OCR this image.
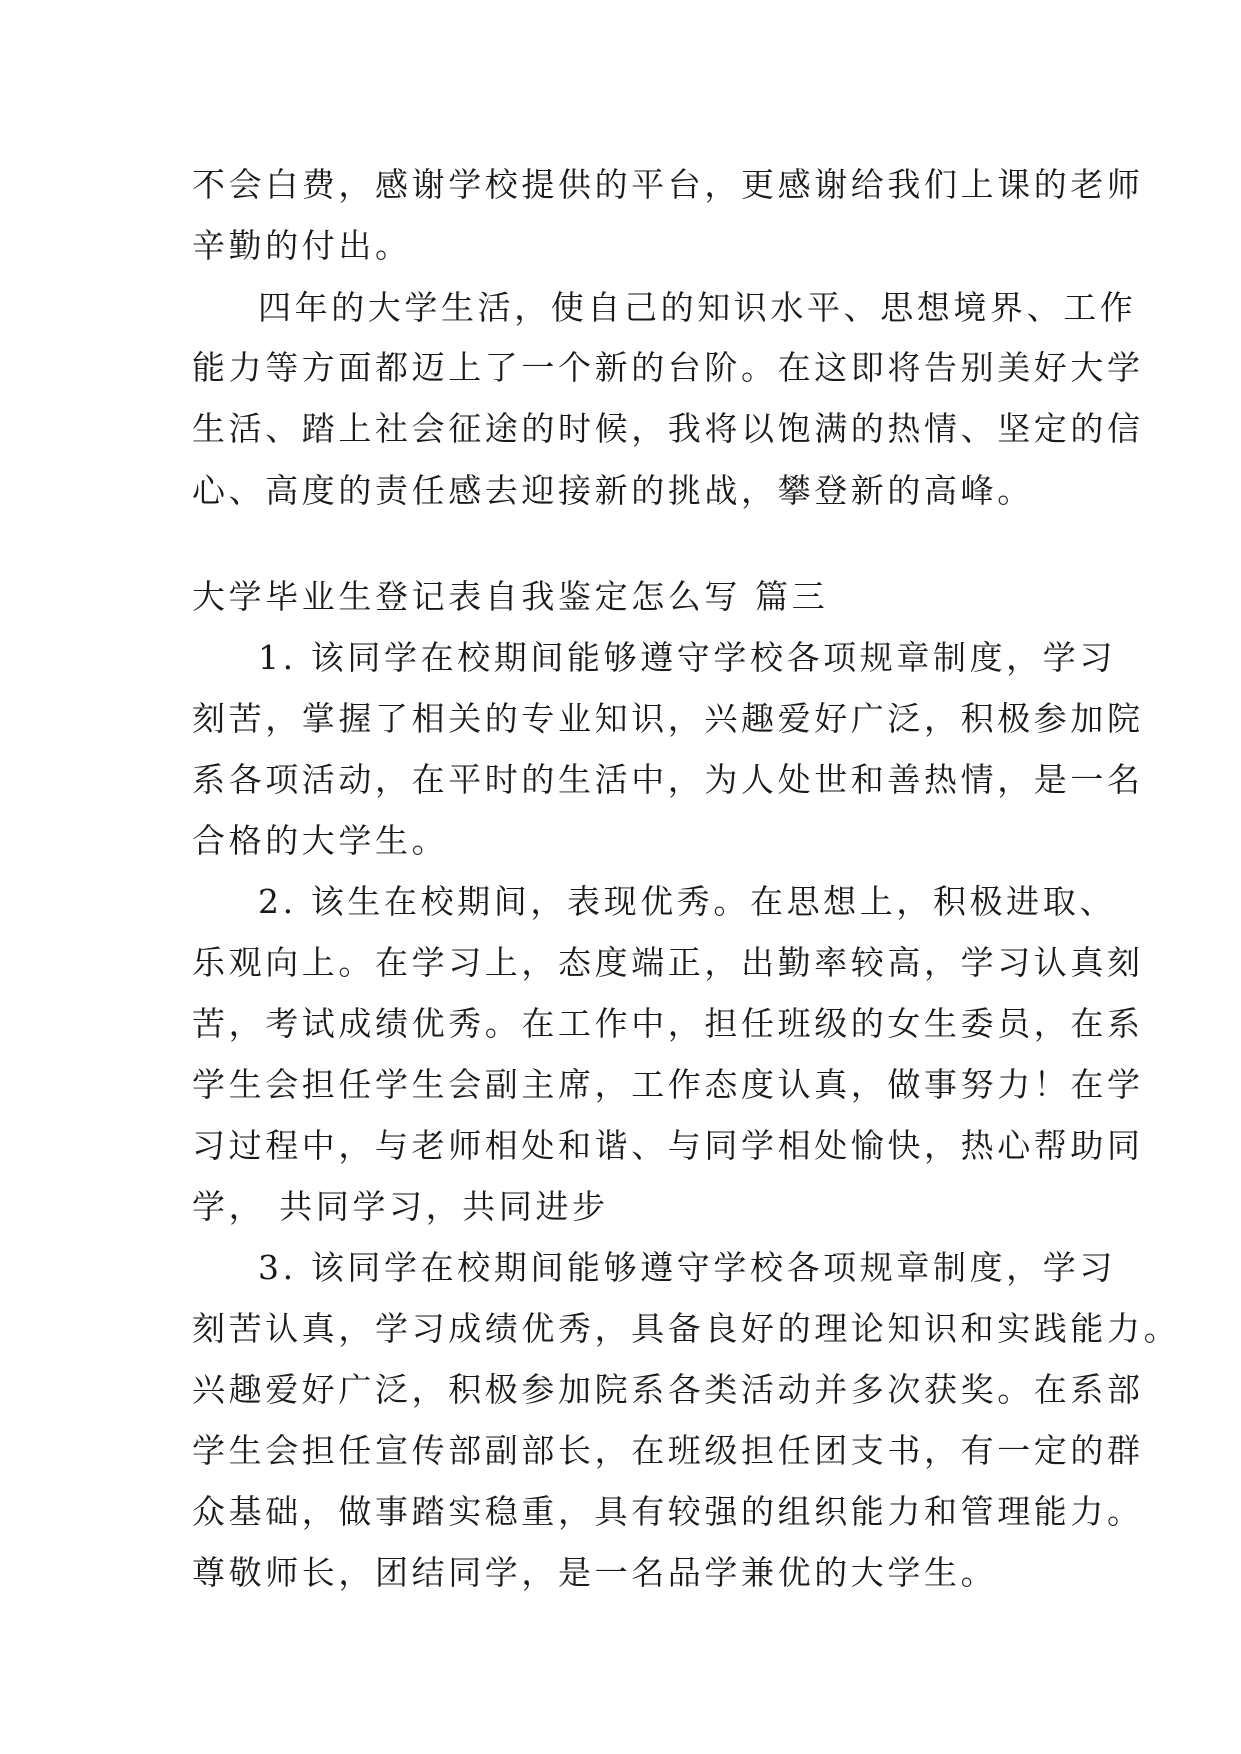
不会白费，感谢学校提供的平台，更感谢给我们上课的老师
辛勤的付出。
四年的大学生活，使自己的知识水平、思想境界、工作
能力等方面都迈上了一个新的台阶。在这即将告别美好大学
生活、踏上社会征途的时候，我将以饱满的热情、坚定的信
心、高度的责任感去迎接新的挑战，攀登新的高峰。
大学毕业生登记表自我鉴定怎么写 篇三
1. 该同学在校期间能够遵守学校各项规章制度，学习
刻苦，掌握了相关的专业知识，兴趣爱好广泛，积极参加院
系各项活动，在平时的生活中，为人处世和善热情，是一名
合格的大学生。
2. 该生在校期间，表现优秀。在思想上，积极进取、
乐观向上。在学习上，态度端正，出勤率较高，学习认真刻
苦，考试成绩优秀。在工作中，担任班级的女生委员，在系
学生会担任学生会副主席，工作态度认真，做事努力！在学
习过程中，与老师相处和谐、与同学相处愉快，热心帮助同
学， 共同学习，共同进步
3. 该同学在校期间能够遵守学校各项规章制度，学习
刻苦认真，学习成绩优秀，具备良好的理论知识和实践能力。
兴趣爱好广泛，积极参加院系各类活动并多次获奖。在系部
学生会担任宣传部副部长，在班级担任团支书，有一定的群
众基础，做事踏实稳重，具有较强的组织能力和管理能力。
尊敬师长，团结同学，是一名品学兼优的大学生。
